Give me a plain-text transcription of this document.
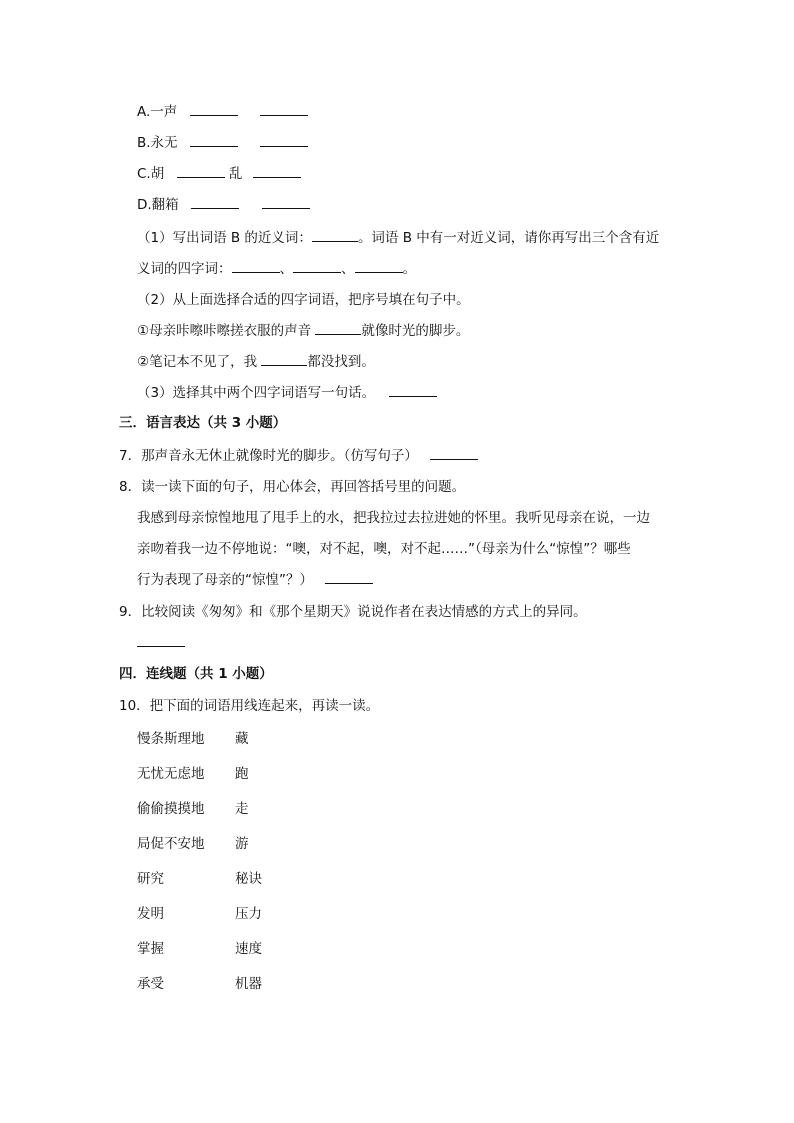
A.一声
B.永无
C.胡	乱
D.翻箱
（1）写出词语 B 的近义词：	。词语 B 中有一对近义词，请你再写出三个含有近
义词的四字词：	、	、	。
（2）从上面选择合适的四字词语，把序号填在句子中。
①母亲咔嚓咔嚓搓衣服的声音	就像时光的脚步。
②笔记本不见了，我	都没找到。
（3）选择其中两个四字词语写一句话。
三．语言表达（共 3 小题）
7．那声音永无休止就像时光的脚步。（仿写句子）
8．读一读下面的句子，用心体会，再回答括号里的问题。
我感到母亲惊惶地甩了甩手上的水，把我拉过去拉进她的怀里。我听见母亲在说，一边
亲吻着我一边不停地说：“噢，对不起，噢，对不起……”（母亲为什么“惊惶”？哪些
行为表现了母亲的“惊惶”？）
9．比较阅读《匆匆》和《那个星期天》说说作者在表达情感的方式上的异同。
四．连线题（共 1 小题）
10．把下面的词语用线连起来，再读一读。
慢条斯理地 藏
无忧无虑地 跑
偷偷摸摸地 走
局促不安地 游
研究	秘诀
发明	压力
掌握	速度
承受	机器
